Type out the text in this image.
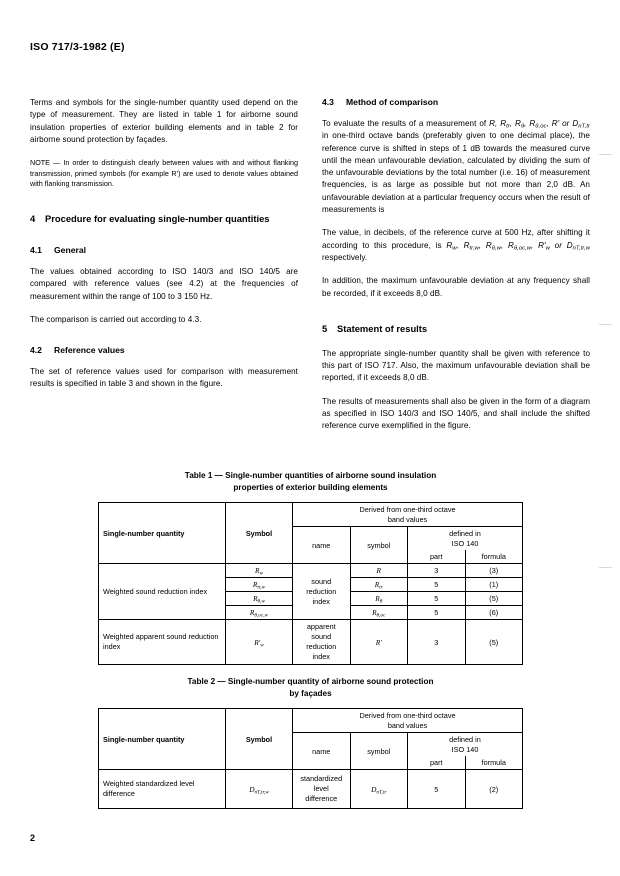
ISO 717/3-1982 (E)

Terms and symbols for the single-number quantity used depend on the type of measurement. They are listed in table 1 for airborne sound insulation properties of exterior building elements and in table 2 for airborne sound protection by façades.

NOTE — In order to distinguish clearly between values with and without flanking transmission, primed symbols (for example R') are used to denote values obtained with flanking transmission.

4 Procedure for evaluating single-number quantities
4.1 General

The values obtained according to ISO 140/3 and ISO 140/5 are compared with reference values (see 4.2) at the frequencies of measurement within the range of 100 to 3 150 Hz.

The comparison is carried out according to 4.3.

4.2 Reference values

The set of reference values used for comparison with measurement results is specified in table 3 and shown in the figure.

4.3 Method of comparison

To evaluate the results of a measurement of R, $R_{tr}$, $R_\theta$, $R_{\theta,oc}$, R' or $D_{nT,tr}$ in one-third octave bands (preferably given to one decimal place), the reference curve is shifted in steps of 1 dB towards the measured curve until the mean unfavourable deviation, calculated by dividing the sum of the unfavourable deviations by the total number (i.e. 16) of measurement frequencies, is as large as possible but not more than 2,0 dB. An unfavourable deviation at a particular frequency occurs when the result of measurements is

The value, in decibels, of the reference curve at 500 Hz, after shifting it according to this procedure, is $R_w$, $R_{tr,w}$, $R_{\theta,w}$, $R_{\theta,oc,w}$, $R'_w$ or $D_{nT,tr,w}$ respectively.

In addition, the maximum unfavourable deviation at any frequency shall be recorded, if it exceeds 8,0 dB.

5 Statement of results

The appropriate single-number quantity shall be given with reference to this part of ISO 717. Also, the maximum unfavourable deviation shall be reported, if it exceeds 8,0 dB.

The results of measurements shall also be given in the form of a diagram as specified in ISO 140/3 and ISO 140/5, and shall include the shifted reference curve exemplified in the figure.

Table 1 — Single-number quantities of airborne sound insulation
properties of exterior building elements
Single-number quantity	Symbol	Derived from one-third octave
band values			
		name	symbol	defined in
ISO 140	
				part	formula
Weighted sound reduction index	$R_w$	sound reduction index	R	3	(3)
	$R_{tr,w}$		$R_{tr}$	5	(1)
	$R_{\theta,w}$		$R_\theta$	5	(5)
	$R_{\theta,oc,w}$		$R_{\theta,oc}$	5	(6)
Weighted apparent sound reduction index	$R'_w$	apparent sound reduction index	R′	3	(5)
Table 2 — Single-number quantity of airborne sound protection
by façades
Single-number quantity	Symbol	Derived from one-third octave
band values			
		name	symbol	defined in
ISO 140	
				part	formula
Weighted standardized level difference	$D_{nT,tr,w}$	standardized level difference	$D_{nT,tr}$	5	(2)
2
